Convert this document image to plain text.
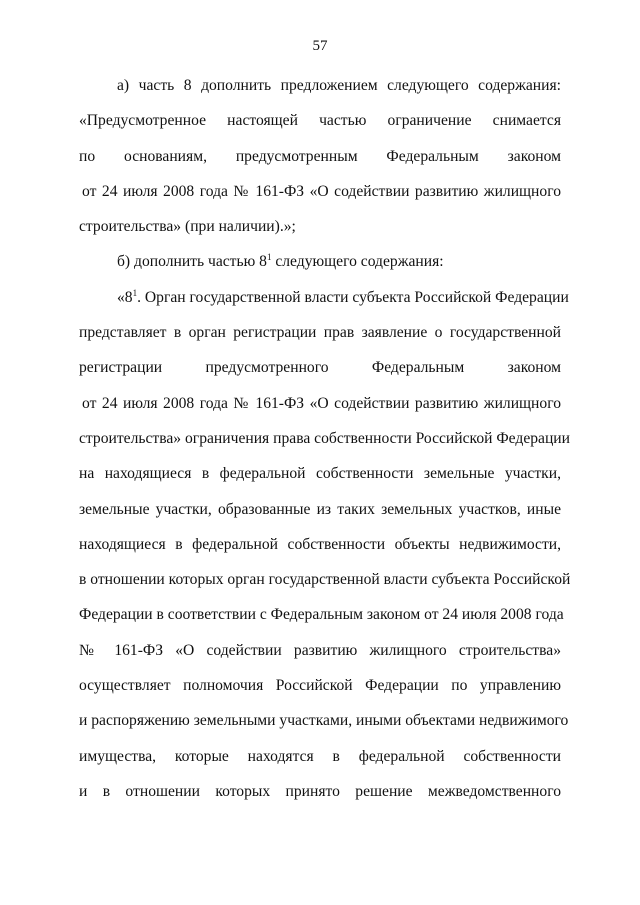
57
а) часть 8 дополнить предложением следующего содержания:
«Предусмотренное настоящей частью ограничение снимается
по основаниям, предусмотренным Федеральным законом
от 24 июля 2008 года № 161-ФЗ «О содействии развитию жилищного
строительства» (при наличии).»;
б) дополнить частью $8^1$ следующего содержания:
«$8^1$. Орган государственной власти субъекта Российской Федерации
представляет в орган регистрации прав заявление о государственной
регистрации предусмотренного Федеральным законом
от 24 июля 2008 года № 161-ФЗ «О содействии развитию жилищного
строительства» ограничения права собственности Российской Федерации
на находящиеся в федеральной собственности земельные участки,
земельные участки, образованные из таких земельных участков, иные
находящиеся в федеральной собственности объекты недвижимости,
в отношении которых орган государственной власти субъекта Российской
Федерации в соответствии с Федеральным законом от 24 июля 2008 года
№ 161-ФЗ «О содействии развитию жилищного строительства»
осуществляет полномочия Российской Федерации по управлению
и распоряжению земельными участками, иными объектами недвижимого
имущества, которые находятся в федеральной собственности
и в отношении которых принято решение межведомственного
